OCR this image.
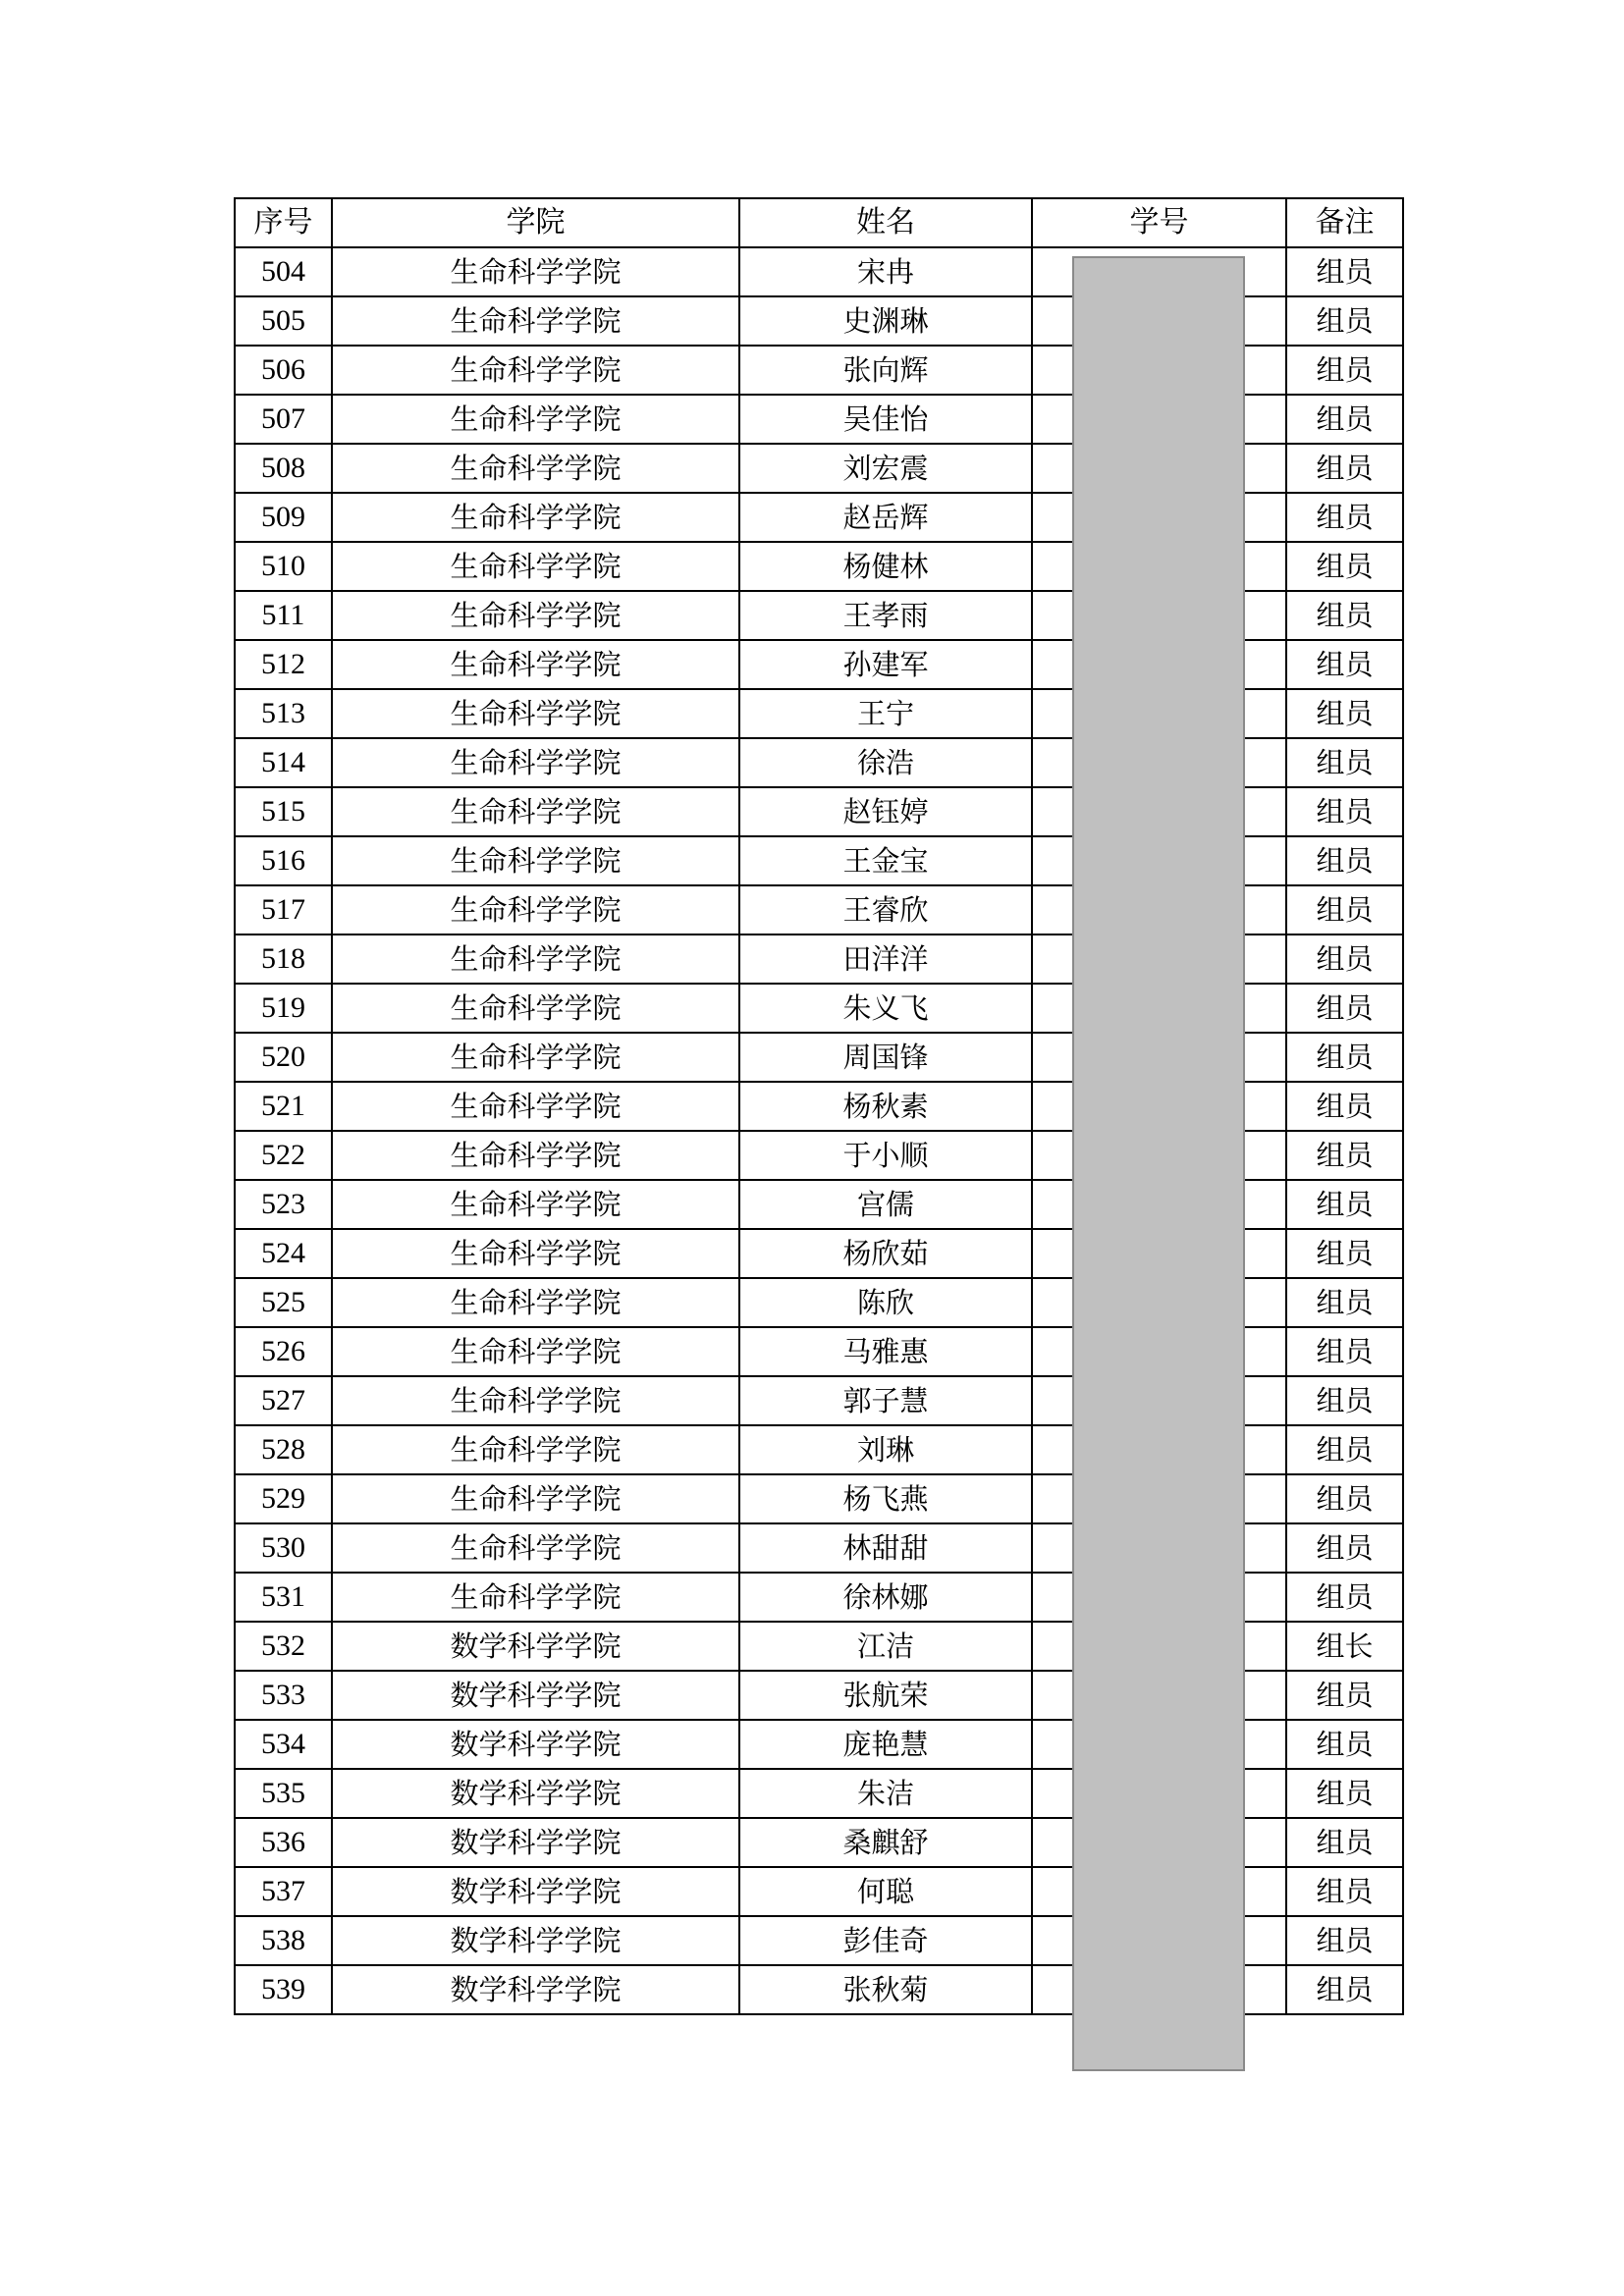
序号	学院	姓名	学号	备注
504	生命科学学院	宋冉		组员
505	生命科学学院	史渊琳		组员
506	生命科学学院	张向辉		组员
507	生命科学学院	吴佳怡		组员
508	生命科学学院	刘宏震		组员
509	生命科学学院	赵岳辉		组员
510	生命科学学院	杨健林		组员
511	生命科学学院	王孝雨		组员
512	生命科学学院	孙建军		组员
513	生命科学学院	王宁		组员
514	生命科学学院	徐浩		组员
515	生命科学学院	赵钰婷		组员
516	生命科学学院	王金宝		组员
517	生命科学学院	王睿欣		组员
518	生命科学学院	田洋洋		组员
519	生命科学学院	朱义飞		组员
520	生命科学学院	周国锋		组员
521	生命科学学院	杨秋素		组员
522	生命科学学院	于小顺		组员
523	生命科学学院	宫儒		组员
524	生命科学学院	杨欣茹		组员
525	生命科学学院	陈欣		组员
526	生命科学学院	马雅惠		组员
527	生命科学学院	郭子慧		组员
528	生命科学学院	刘琳		组员
529	生命科学学院	杨飞燕		组员
530	生命科学学院	林甜甜		组员
531	生命科学学院	徐林娜		组员
532	数学科学学院	江洁		组长
533	数学科学学院	张航荣		组员
534	数学科学学院	庞艳慧		组员
535	数学科学学院	朱洁		组员
536	数学科学学院	桑麒舒		组员
537	数学科学学院	何聪		组员
538	数学科学学院	彭佳奇		组员
539	数学科学学院	张秋菊		组员
